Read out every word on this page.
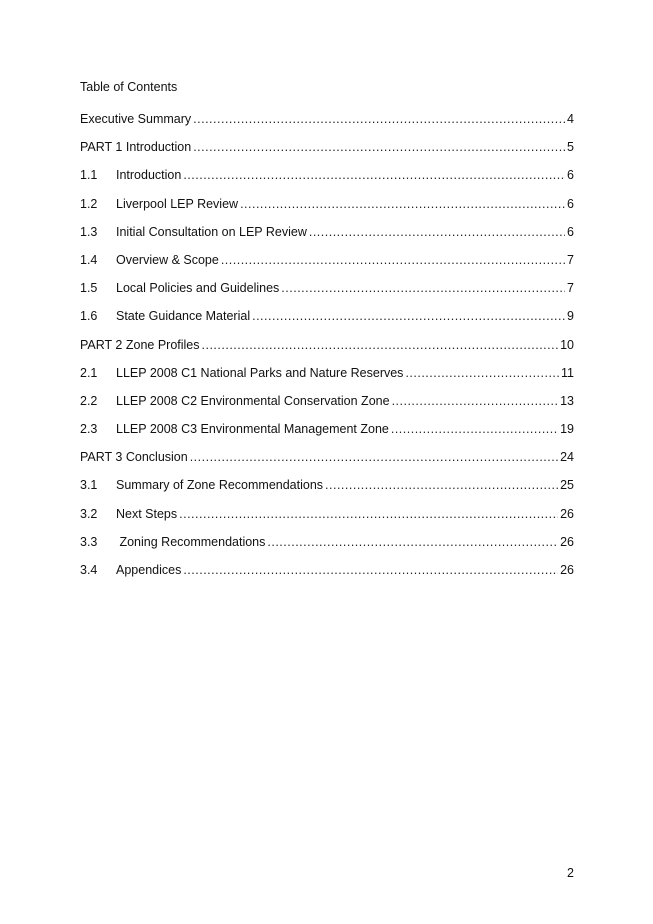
Table of Contents
Executive Summary .....	4
PART 1 Introduction .....	5
1.1	Introduction .....	6
1.2	Liverpool LEP Review .....	6
1.3	Initial Consultation on LEP Review .....	6
1.4	Overview & Scope .....	7
1.5	Local Policies and Guidelines .....	7
1.6	State Guidance Material .....	9
PART 2 Zone Profiles .....	10
2.1	LLEP 2008 C1 National Parks and Nature Reserves .....	11
2.2	LLEP 2008 C2 Environmental Conservation Zone .....	13
2.3	LLEP 2008 C3 Environmental Management Zone .....	19
PART 3 Conclusion .....	24
3.1	Summary of Zone Recommendations .....	25
3.2	Next Steps .....	26
3.3	Zoning Recommendations .....	26
3.4	Appendices .....	26
2
